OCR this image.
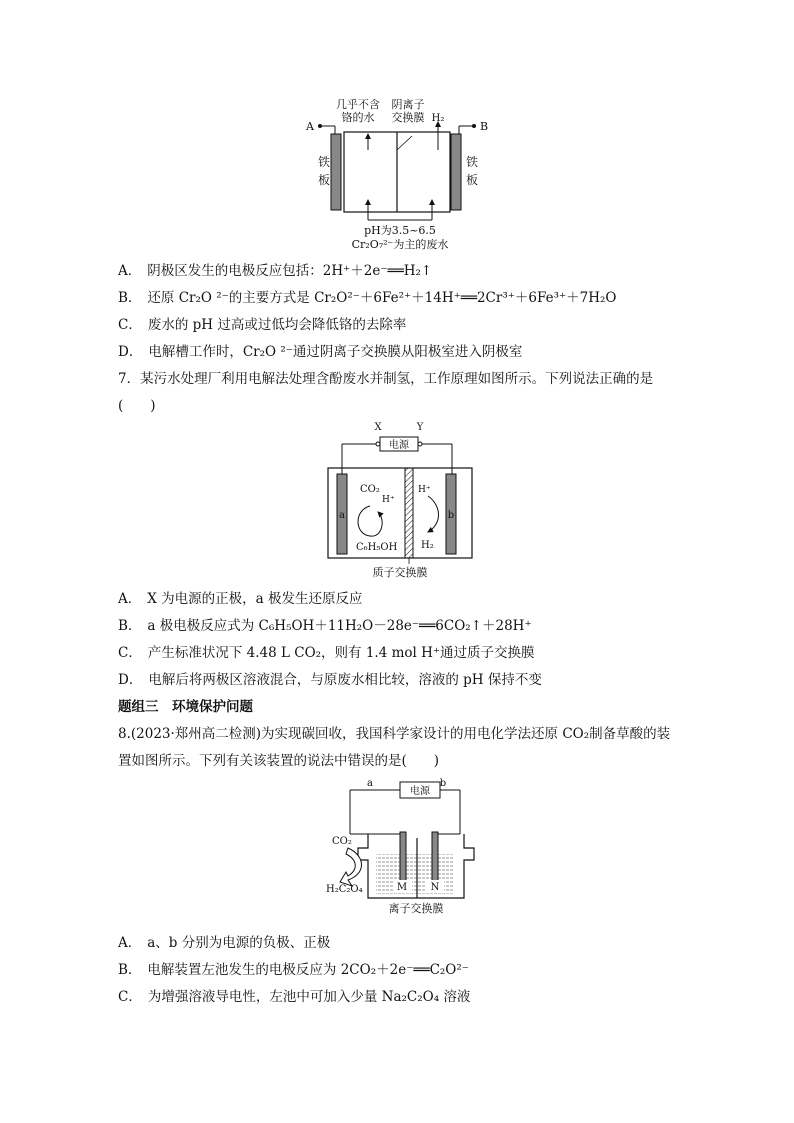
几乎不含
铬的水
阴离子
交换膜 H₂
A	B
铁
板
铁
板
pH为3.5~6.5
Cr₂O₇²⁻为主的废水
A． 阴极区发生的电极反应包括：2H⁺＋2e⁻══H₂↑
B． 还原 Cr₂O ²⁻的主要方式是 Cr₂O²⁻＋6Fe²⁺＋14H⁺══2Cr³⁺＋6Fe³⁺＋7H₂O
C． 废水的 pH 过高或过低均会降低铬的去除率
D． 电解槽工作时，Cr₂O ²⁻通过阴离子交换膜从阳极室进入阴极室
7．某污水处理厂利用电解法处理含酚废水并制氢，工作原理如图所示。下列说法正确的是
(　　)
X	Y
电源
a	b
CO₂
H⁺
C₆H₅OH
H⁺
H₂
质子交换膜
A． X 为电源的正极，a 极发生还原反应
B． a 极电极反应式为 C₆H₅OH＋11H₂O－28e⁻══6CO₂↑＋28H⁺
C． 产生标准状况下 4.48 L CO₂，则有 1.4 mol H⁺通过质子交换膜
D． 电解后将两极区溶液混合，与原废水相比较，溶液的 pH 保持不变
题组三　环境保护问题
8.(2023·郑州高二检测)为实现碳回收，我国科学家设计的用电化学法还原 CO₂制备草酸的装
置如图所示。下列有关该装置的说法中错误的是(　　)
a	b
电源
M N
CO₂
H₂C₂O₄
离子交换膜
A． a、b 分别为电源的负极、正极
B． 电解装置左池发生的电极反应为 2CO₂＋2e⁻══C₂O²⁻
C． 为增强溶液导电性，左池中可加入少量 Na₂C₂O₄ 溶液
